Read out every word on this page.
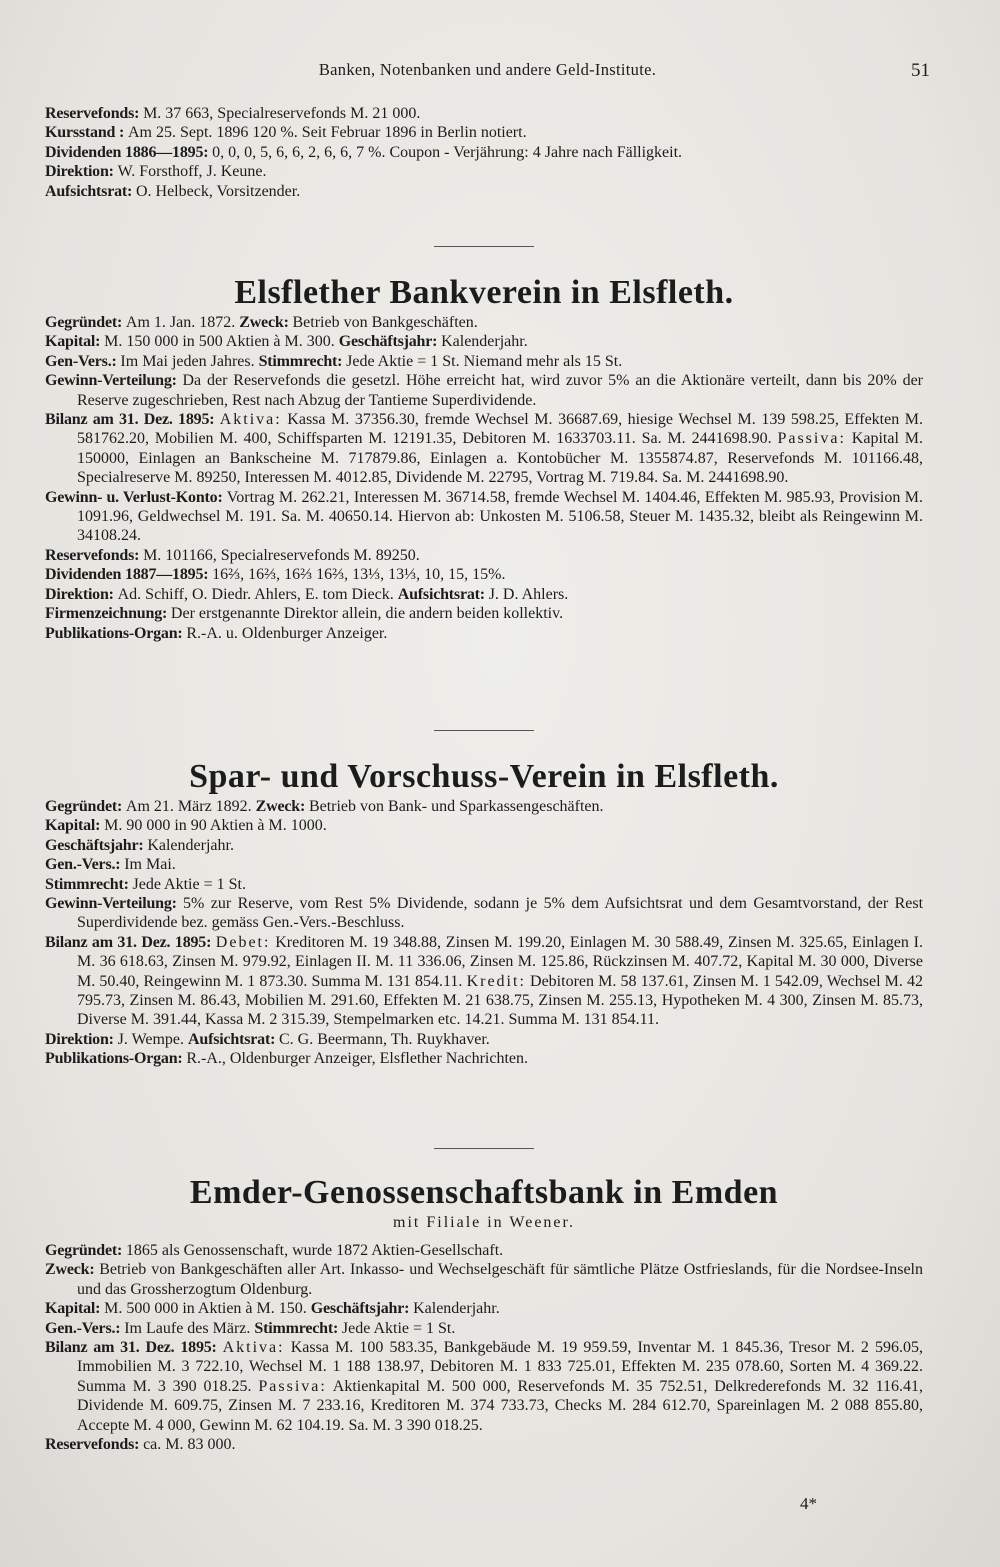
Banken, Notenbanken und andere Geld-Institute.	51

Reservefonds: M. 37 663, Specialreservefonds M. 21 000.

Kursstand : Am 25. Sept. 1896 120 %. Seit Februar 1896 in Berlin notiert.

Dividenden 1886—1895: 0, 0, 0, 5, 6, 6, 2, 6, 6, 7 %. Coupon - Verjährung: 4 Jahre nach Fälligkeit.

Direktion: W. Forsthoff, J. Keune.

Aufsichtsrat: O. Helbeck, Vorsitzender.

Elsflether Bankverein in Elsfleth.

Gegründet: Am 1. Jan. 1872. Zweck: Betrieb von Bankgeschäften.

Kapital: M. 150 000 in 500 Aktien à M. 300. Geschäftsjahr: Kalenderjahr.

Gen-Vers.: Im Mai jeden Jahres. Stimmrecht: Jede Aktie = 1 St. Niemand mehr als 15 St.

Gewinn-Verteilung: Da der Reservefonds die gesetzl. Höhe erreicht hat, wird zuvor 5% an die Aktionäre verteilt, dann bis 20% der Reserve zugeschrieben, Rest nach Abzug der Tantieme Superdividende.

Bilanz am 31. Dez. 1895: Aktiva: Kassa M. 37356.30, fremde Wechsel M. 36687.69, hiesige Wechsel M. 139 598.25, Effekten M. 581762.20, Mobilien M. 400, Schiffsparten M. 12191.35, Debitoren M. 1633703.11. Sa. M. 2441698.90. Passiva: Kapital M. 150000, Einlagen an Bankscheine M. 717879.86, Einlagen a. Kontobücher M. 1355874.87, Reservefonds M. 101166.48, Specialreserve M. 89250, Interessen M. 4012.85, Dividende M. 22795, Vortrag M. 719.84. Sa. M. 2441698.90.

Gewinn- u. Verlust-Konto: Vortrag M. 262.21, Interessen M. 36714.58, fremde Wechsel M. 1404.46, Effekten M. 985.93, Provision M. 1091.96, Geldwechsel M. 191. Sa. M. 40650.14. Hiervon ab: Unkosten M. 5106.58, Steuer M. 1435.32, bleibt als Reingewinn M. 34108.24.

Reservefonds: M. 101166, Specialreservefonds M. 89250.

Dividenden 1887—1895: 16⅔, 16⅔, 16⅔ 16⅔, 13⅓, 13⅓, 10, 15, 15%.

Direktion: Ad. Schiff, O. Diedr. Ahlers, E. tom Dieck. Aufsichtsrat: J. D. Ahlers.

Firmenzeichnung: Der erstgenannte Direktor allein, die andern beiden kollektiv.

Publikations-Organ: R.-A. u. Oldenburger Anzeiger.

Spar- und Vorschuss-Verein in Elsfleth.

Gegründet: Am 21. März 1892. Zweck: Betrieb von Bank- und Sparkassengeschäften.

Kapital: M. 90 000 in 90 Aktien à M. 1000.

Geschäftsjahr: Kalenderjahr.

Gen.-Vers.: Im Mai.

Stimmrecht: Jede Aktie = 1 St.

Gewinn-Verteilung: 5% zur Reserve, vom Rest 5% Dividende, sodann je 5% dem Aufsichtsrat und dem Gesamtvorstand, der Rest Superdividende bez. gemäss Gen.-Vers.-Beschluss.

Bilanz am 31. Dez. 1895: Debet: Kreditoren M. 19 348.88, Zinsen M. 199.20, Einlagen M. 30 588.49, Zinsen M. 325.65, Einlagen I. M. 36 618.63, Zinsen M. 979.92, Einlagen II. M. 11 336.06, Zinsen M. 125.86, Rückzinsen M. 407.72, Kapital M. 30 000, Diverse M. 50.40, Reingewinn M. 1 873.30. Summa M. 131 854.11. Kredit: Debitoren M. 58 137.61, Zinsen M. 1 542.09, Wechsel M. 42 795.73, Zinsen M. 86.43, Mobilien M. 291.60, Effekten M. 21 638.75, Zinsen M. 255.13, Hypotheken M. 4 300, Zinsen M. 85.73, Diverse M. 391.44, Kassa M. 2 315.39, Stempelmarken etc. 14.21. Summa M. 131 854.11.

Direktion: J. Wempe. Aufsichtsrat: C. G. Beermann, Th. Ruykhaver.

Publikations-Organ: R.-A., Oldenburger Anzeiger, Elsflether Nachrichten.

Emder-Genossenschaftsbank in Emden
mit Filiale in Weener.

Gegründet: 1865 als Genossenschaft, wurde 1872 Aktien-Gesellschaft.

Zweck: Betrieb von Bankgeschäften aller Art. Inkasso- und Wechselgeschäft für sämtliche Plätze Ostfrieslands, für die Nordsee-Inseln und das Grossherzogtum Oldenburg.

Kapital: M. 500 000 in Aktien à M. 150. Geschäftsjahr: Kalenderjahr.

Gen.-Vers.: Im Laufe des März. Stimmrecht: Jede Aktie = 1 St.

Bilanz am 31. Dez. 1895: Aktiva: Kassa M. 100 583.35, Bankgebäude M. 19 959.59, Inventar M. 1 845.36, Tresor M. 2 596.05, Immobilien M. 3 722.10, Wechsel M. 1 188 138.97, Debitoren M. 1 833 725.01, Effekten M. 235 078.60, Sorten M. 4 369.22. Summa M. 3 390 018.25. Passiva: Aktienkapital M. 500 000, Reservefonds M. 35 752.51, Delkrederefonds M. 32 116.41, Dividende M. 609.75, Zinsen M. 7 233.16, Kreditoren M. 374 733.73, Checks M. 284 612.70, Spareinlagen M. 2 088 855.80, Accepte M. 4 000, Gewinn M. 62 104.19. Sa. M. 3 390 018.25.

Reservefonds: ca. M. 83 000.

4*
